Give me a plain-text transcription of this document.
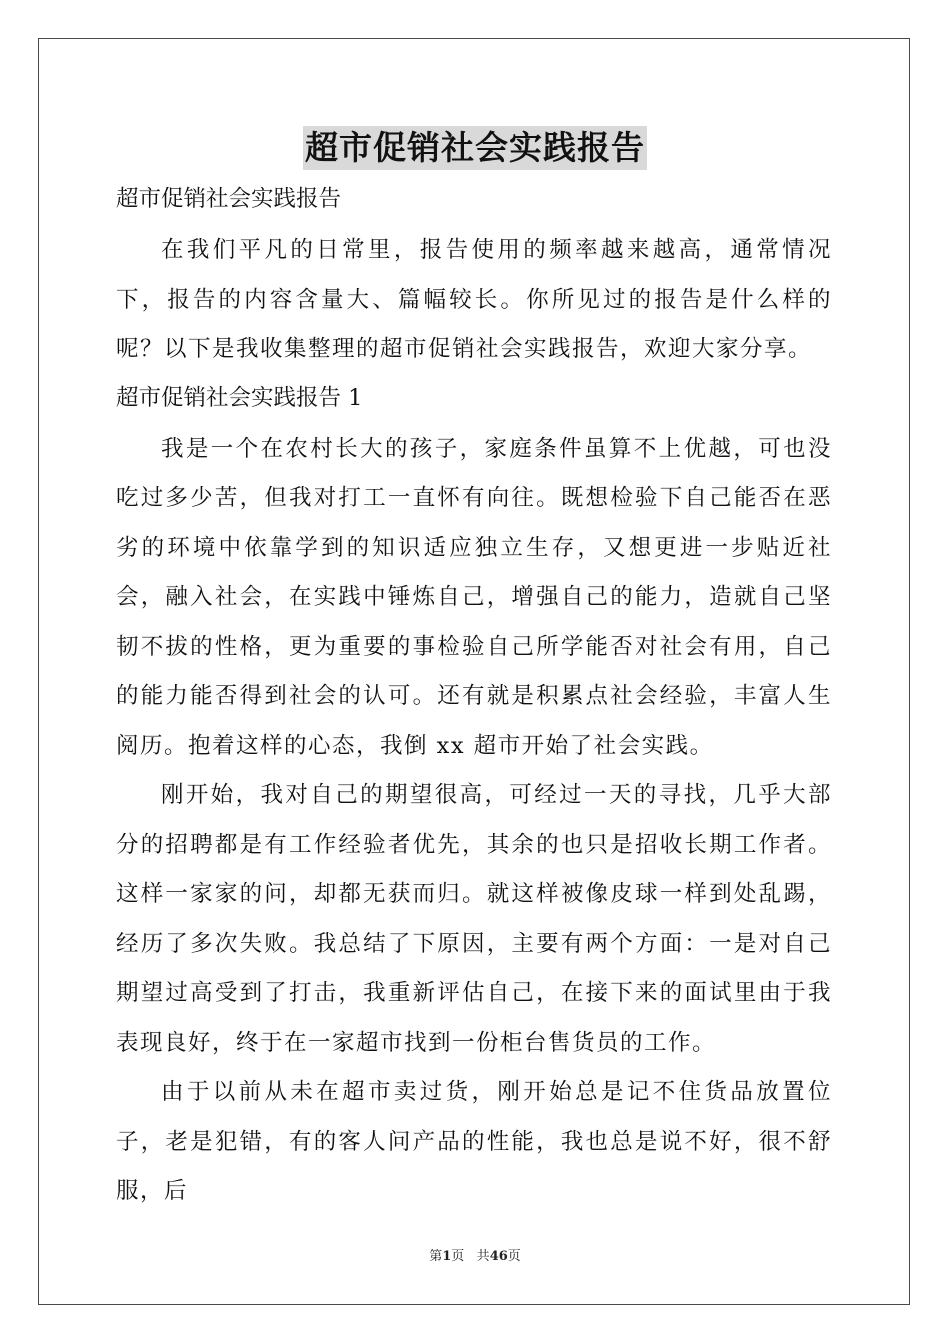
超市促销社会实践报告

超市促销社会实践报告

在我们平凡的日常里，报告使用的频率越来越高，通常情况下，报告的内容含量大、篇幅较长。你所见过的报告是什么样的呢？以下是我收集整理的超市促销社会实践报告，欢迎大家分享。

超市促销社会实践报告 1

我是一个在农村长大的孩子，家庭条件虽算不上优越，可也没吃过多少苦，但我对打工一直怀有向往。既想检验下自己能否在恶劣的环境中依靠学到的知识适应独立生存，又想更进一步贴近社会，融入社会，在实践中锤炼自己，增强自己的能力，造就自己坚韧不拔的性格，更为重要的事检验自己所学能否对社会有用，自己的能力能否得到社会的认可。还有就是积累点社会经验，丰富人生阅历。抱着这样的心态，我倒 xx 超市开始了社会实践。

刚开始，我对自己的期望很高，可经过一天的寻找，几乎大部分的招聘都是有工作经验者优先，其余的也只是招收长期工作者。这样一家家的问，却都无获而归。就这样被像皮球一样到处乱踢，经历了多次失败。我总结了下原因，主要有两个方面：一是对自己期望过高受到了打击，我重新评估自己，在接下来的面试里由于我表现良好，终于在一家超市找到一份柜台售货员的工作。

由于以前从未在超市卖过货，刚开始总是记不住货品放置位子，老是犯错，有的客人问产品的性能，我也总是说不好，很不舒服，后

第1页 共46页
